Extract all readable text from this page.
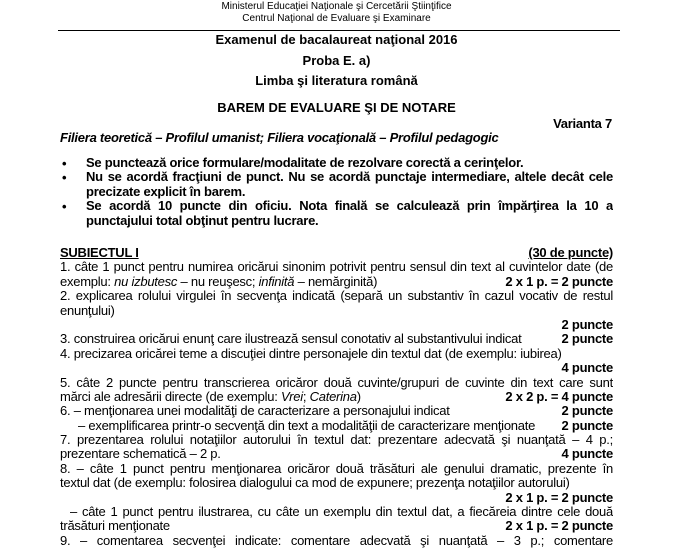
Ministerul Educaţiei Naţionale şi Cercetării Ştiinţifice
Centrul Naţional de Evaluare şi Examinare
Examenul de bacalaureat naţional 2016
Proba E. a)
Limba şi literatura română
BAREM DE EVALUARE ŞI DE NOTARE
Varianta 7
Filiera teoretică – Profilul umanist; Filiera vocaţională – Profilul pedagogic
• Se punctează orice formulare/modalitate de rezolvare corectă a cerinţelor.
• Nu se acordă fracţiuni de punct. Nu se acordă punctaje intermediare, altele decât cele
precizate explicit în barem.
• Se acordă 10 puncte din oficiu. Nota finală se calculează prin împărţirea la 10 a
punctajului total obţinut pentru lucrare.
SUBIECTUL I	(30 de puncte)
1. câte 1 punct pentru numirea oricărui sinonim potrivit pentru sensul din text al cuvintelor date (de
exemplu: nu izbutesc – nu reuşesc; infinită – nemărginită)	2 x 1 p. = 2 puncte
2. explicarea rolului virgulei în secvenţa indicată (separă un substantiv în cazul vocativ de restul
enunţului)
2 puncte
3. construirea oricărui enunţ care ilustrează sensul conotativ al substantivului indicat	2 puncte
4. precizarea oricărei teme a discuţiei dintre personajele din textul dat (de exemplu: iubirea)
4 puncte
5. câte 2 puncte pentru transcrierea oricăror două cuvinte/grupuri de cuvinte din text care sunt
mărci ale adresării directe (de exemplu: Vrei; Caterina)	2 x 2 p. = 4 puncte
6. – menţionarea unei modalităţi de caracterizare a personajului indicat	2 puncte
– exemplificarea printr-o secvenţă din text a modalităţii de caracterizare menţionate 2 puncte
7. prezentarea rolului notaţiilor autorului în textul dat: prezentare adecvată şi nuanţată – 4 p.;
prezentare schematică – 2 p.	4 puncte
8. – câte 1 punct pentru menţionarea oricăror două trăsături ale genului dramatic, prezente în
textul dat (de exemplu: folosirea dialogului ca mod de expunere; prezenţa notaţiilor autorului)
2 x 1 p. = 2 puncte
– câte 1 punct pentru ilustrarea, cu câte un exemplu din textul dat, a fiecăreia dintre cele două
trăsături menţionate	2 x 1 p. = 2 puncte
9. – comentarea secvenţei indicate: comentare adecvată şi nuanţată – 3 p.; comentare
